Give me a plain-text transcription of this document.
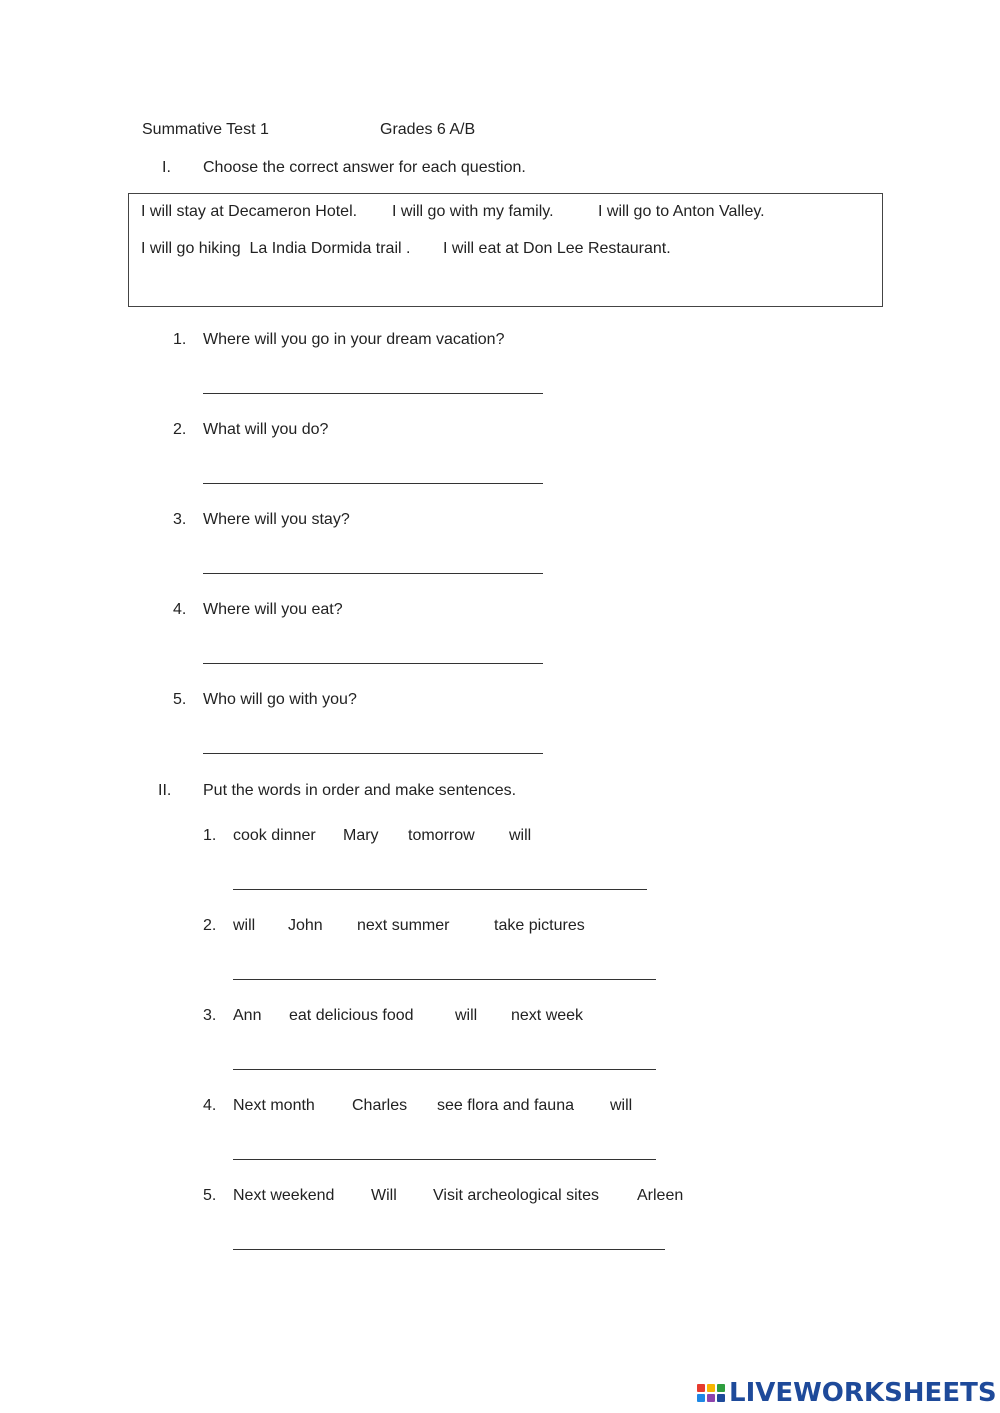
Summative Test 1	Grades 6 A/B
I. Choose the correct answer for each question.
I will stay at Decameron Hotel. I will go with my family.	I will go to Anton Valley.
I will go hiking  La India Dormida trail . I will eat at Don Lee Restaurant.
1. Where will you go in your dream vacation?
2. What will you do?
3. Where will you stay?
4. Where will you eat?
5. Who will go with you?
II. Put the words in order and make sentences.
1. cook dinner Mary tomorrow will
2. will John next summer	take pictures
3. Ann eat delicious food	will next week
4. Next month Charles see flora and fauna will
5. Next weekend Will Visit archeological sites Arleen
LIVEWORKSHEETS
